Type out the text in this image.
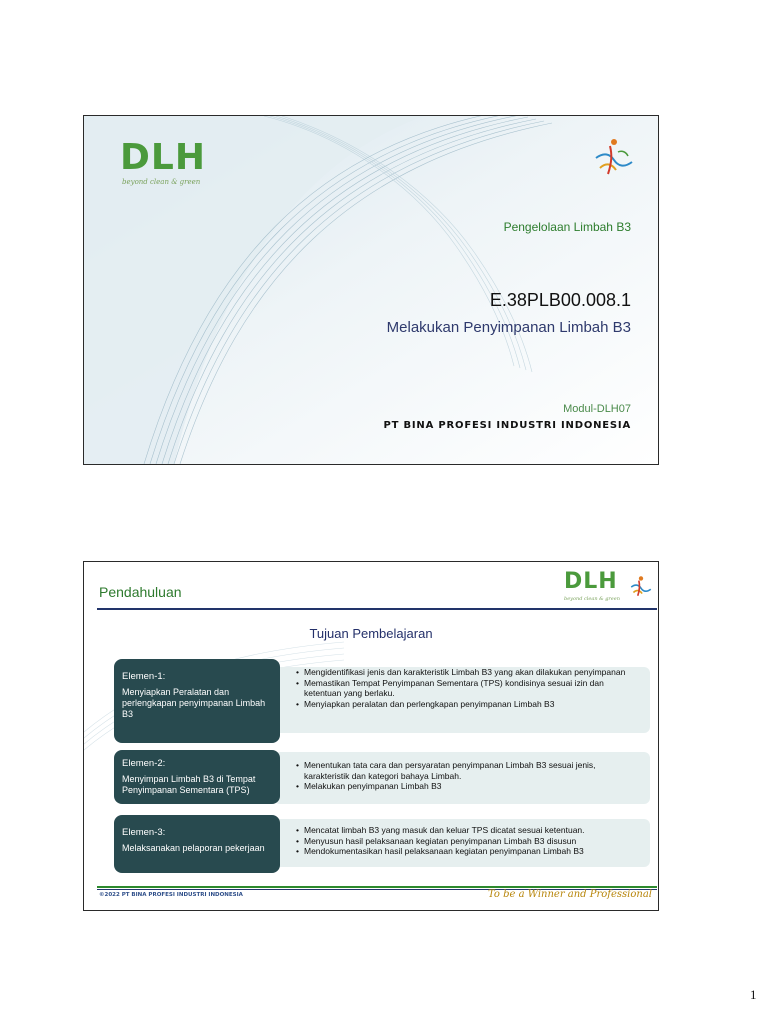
DLH
beyond clean & green
Pengelolaan Limbah B3
E.38PLB00.008.1
Melakukan Penyimpanan Limbah B3
Modul-DLH07
PT BINA PROFESI INDUSTRI INDONESIA
Pendahuluan	DLH
beyond clean & green
Tujuan Pembelajaran
Elemen-1:
Menyiapkan Peralatan dan perlengkapan penyimpanan Limbah B3
• Mengidentifikasi jenis dan karakteristik Limbah B3 yang akan dilakukan penyimpanan
• Memastikan Tempat Penyimpanan Sementara (TPS) kondisinya sesuai izin dan ketentuan yang berlaku.
• Menyiapkan peralatan dan perlengkapan penyimpanan Limbah B3
Elemen-2:
Menyimpan Limbah B3 di Tempat Penyimpanan Sementara (TPS)
• Menentukan tata cara dan persyaratan penyimpanan Limbah B3 sesuai jenis, karakteristik dan kategori bahaya Limbah.
• Melakukan penyimpanan Limbah B3
Elemen-3:
Melaksanakan pelaporan pekerjaan
• Mencatat limbah B3 yang masuk dan keluar TPS dicatat sesuai ketentuan.
• Menyusun hasil pelaksanaan kegiatan penyimpanan Limbah B3 disusun
• Mendokumentasikan hasil pelaksanaan kegiatan penyimpanan Limbah B3
©2022 PT BINA PROFESI INDUSTRI INDONESIA	To be a Winner and Professional
1
